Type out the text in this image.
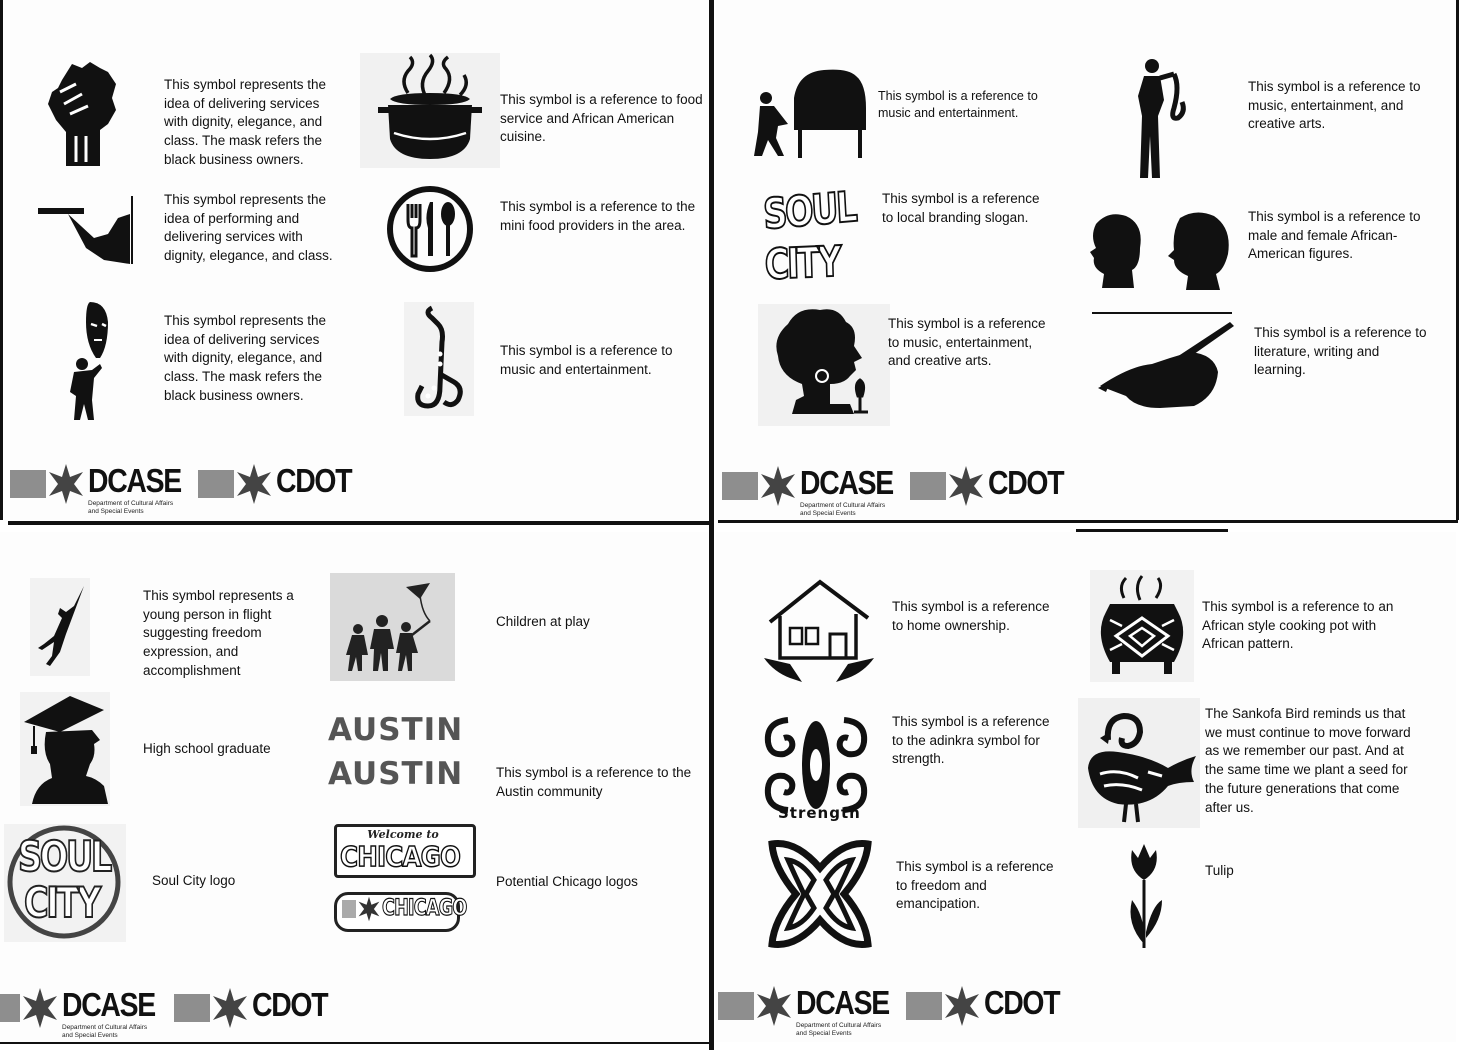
This symbol represents the idea of delivering services with dignity, elegance, and class. The mask refers the black business owners.
This symbol represents the idea of performing and delivering services with dignity, elegance, and class.
This symbol represents the idea of delivering services with dignity, elegance, and class. The mask refers the black business owners.
This symbol is a reference to food service and African American cuisine.
This symbol is a reference to the mini food providers in the area.
This symbol is a reference to music and entertainment.
DCASE
Department of Cultural Affairs
and Special Events
CDOT
This symbol is a reference to music and entertainment.
SOUL
CITY
This symbol is a reference to local branding slogan.
This symbol is a reference to music, entertainment, and creative arts.
This symbol is a reference to music, entertainment, and creative arts.
This symbol is a reference to male and female African-American figures.
This symbol is a reference to literature, writing and learning.
DCASE
Department of Cultural Affairs
and Special Events
CDOT
This symbol represents a young person in flight suggesting freedom expression, and accomplishment
High school graduate
SOUL
CITY	Soul City logo
Children at play
AUSTIN
AUSTIN This symbol is a reference to the Austin community
Welcome to
CHICAGO
CHICAGO
Potential Chicago logos
DCASE
Department of Cultural Affairs
and Special Events
CDOT
This symbol is a reference to home ownership.
Strength
This symbol is a reference to the adinkra symbol for strength.
This symbol is a reference to freedom and emancipation.
This symbol is a reference to an African style cooking pot with African pattern.
The Sankofa Bird reminds us that we must continue to move forward as we remember our past. And at the same time we plant a seed for the future generations that come after us.
Tulip
DCASE
Department of Cultural Affairs
and Special Events
CDOT
